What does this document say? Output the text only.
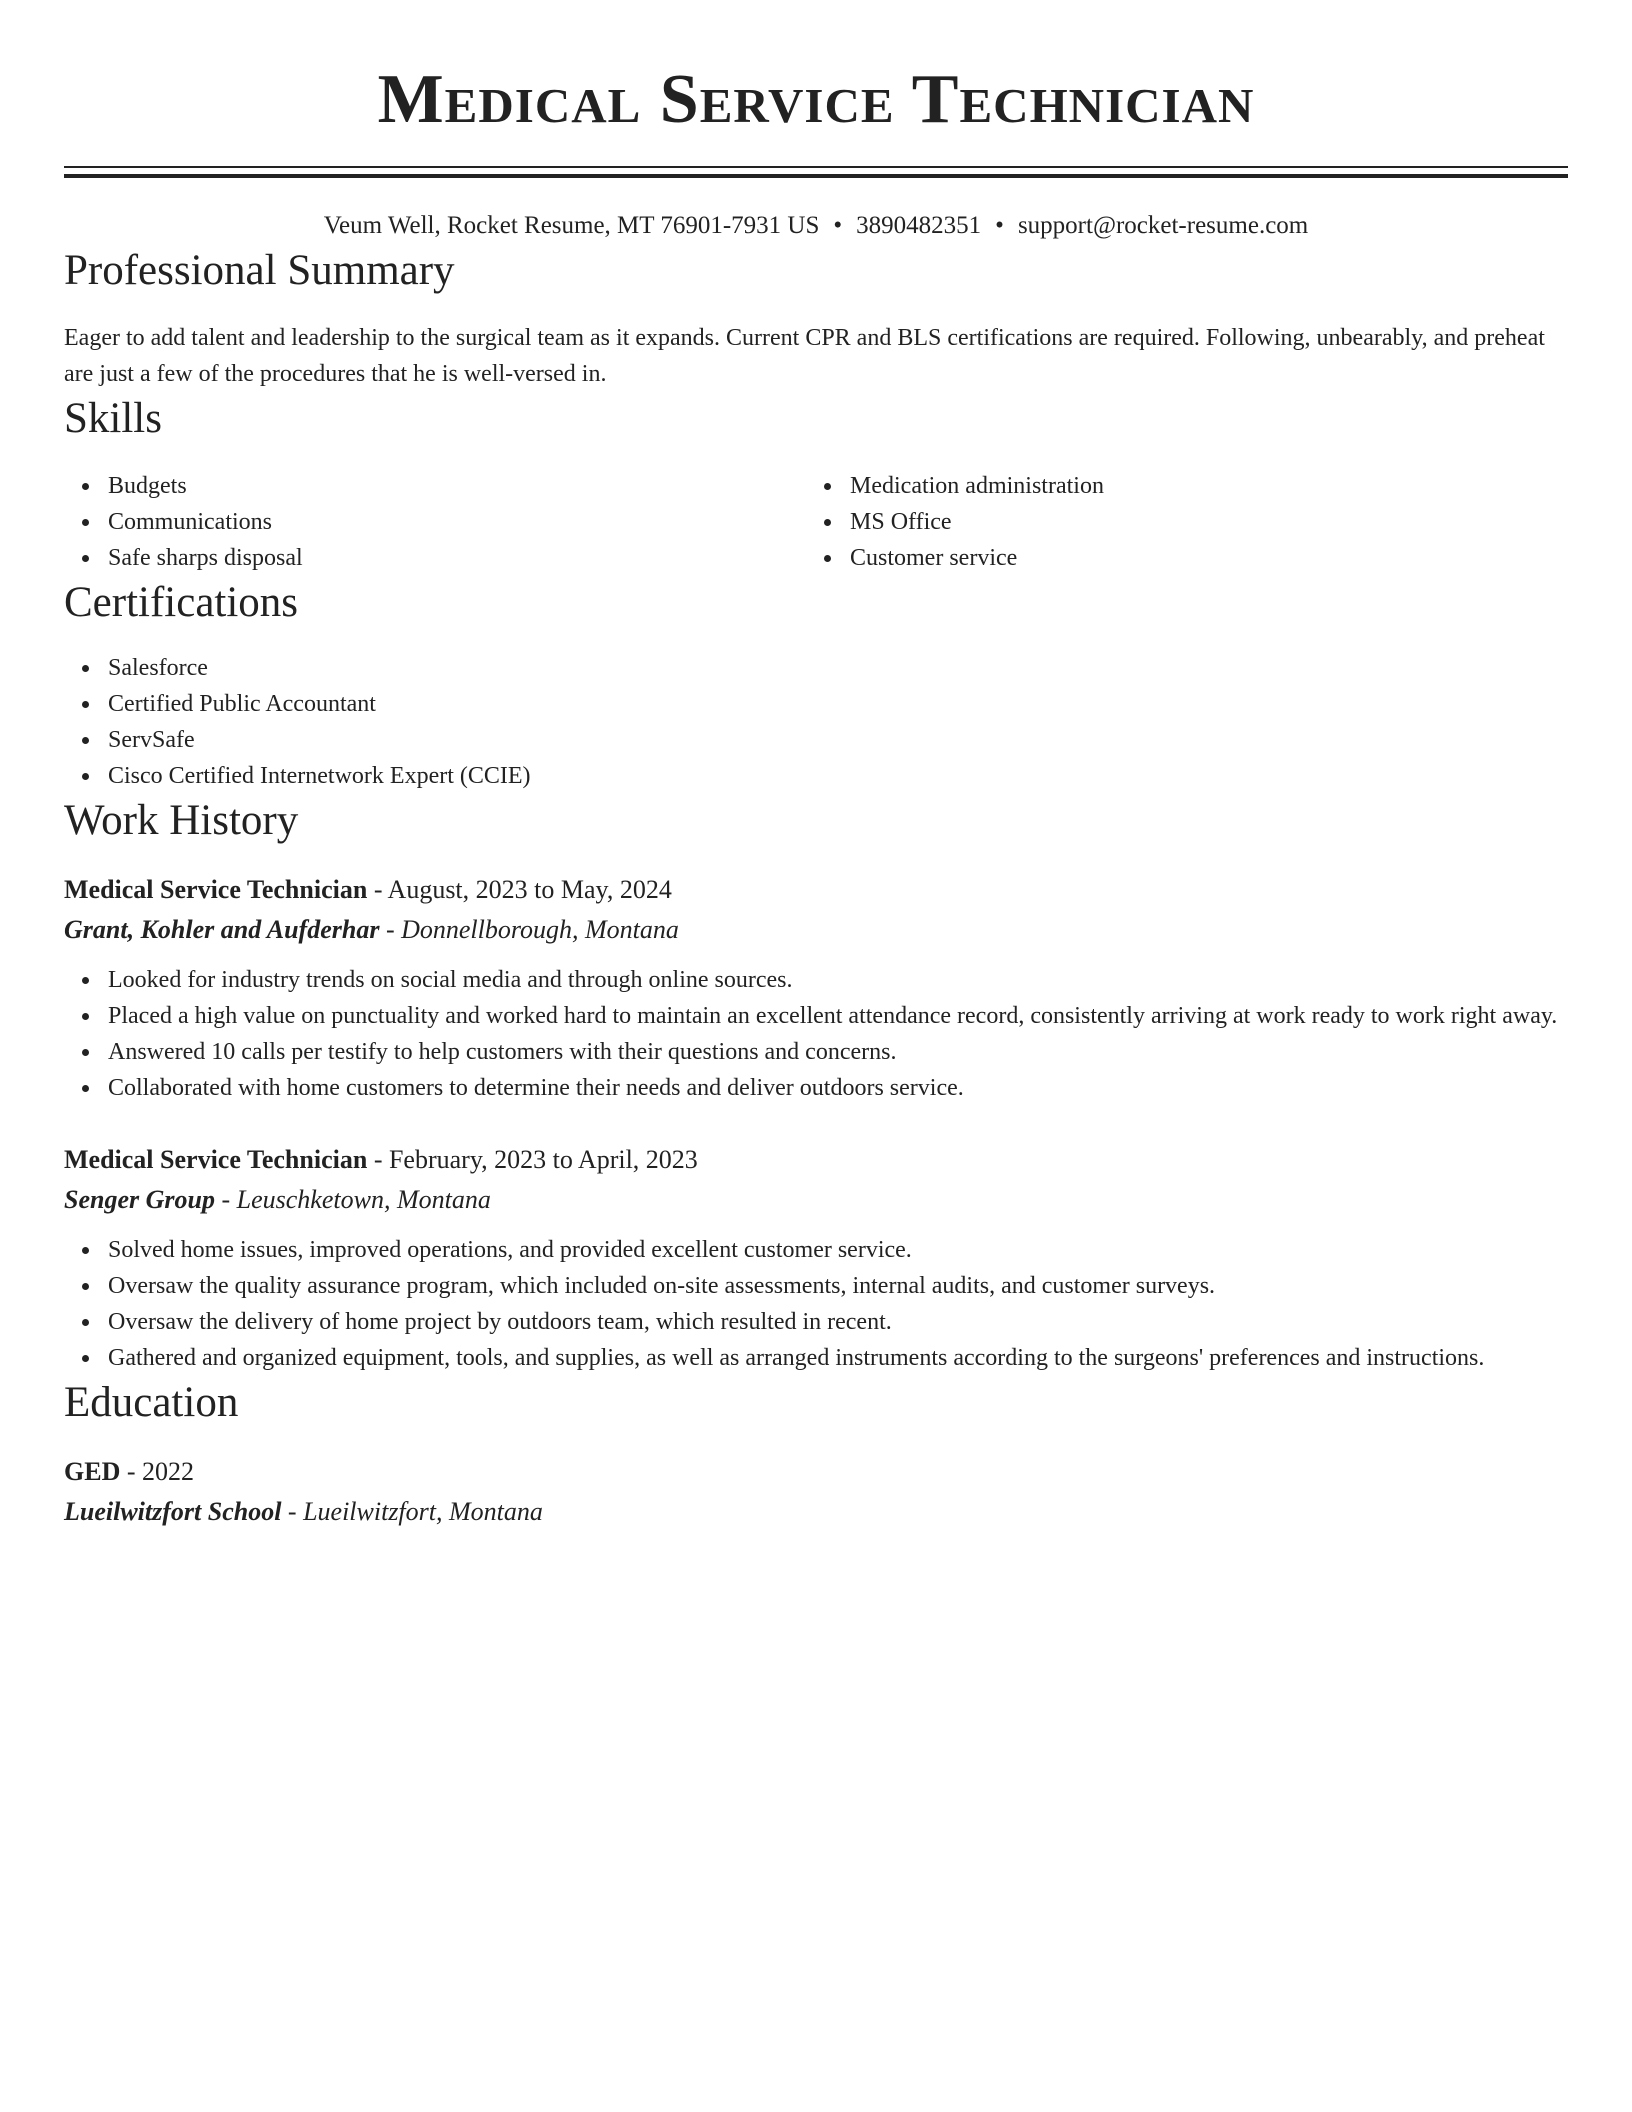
Medical Service Technician
Veum Well, Rocket Resume, MT 76901-7931 US • 3890482351 • support@rocket-resume.com
Professional Summary

Eager to add talent and leadership to the surgical team as it expands. Current CPR and BLS certifications are required. Following, unbearably, and preheat are just a few of the procedures that he is well-versed in.

Skills
Budgets
Communications
Safe sharps disposal
Medication administration
MS Office
Customer service
Certifications
Salesforce
Certified Public Accountant
ServSafe
Cisco Certified Internetwork Expert (CCIE)
Work History
Medical Service Technician - August, 2023 to May, 2024
Grant, Kohler and Aufderhar - Donnellborough, Montana
Looked for industry trends on social media and through online sources.
Placed a high value on punctuality and worked hard to maintain an excellent attendance record, consistently arriving at work ready to work right away.
Answered 10 calls per testify to help customers with their questions and concerns.
Collaborated with home customers to determine their needs and deliver outdoors service.
Medical Service Technician - February, 2023 to April, 2023
Senger Group - Leuschketown, Montana
Solved home issues, improved operations, and provided excellent customer service.
Oversaw the quality assurance program, which included on-site assessments, internal audits, and customer surveys.
Oversaw the delivery of home project by outdoors team, which resulted in recent.
Gathered and organized equipment, tools, and supplies, as well as arranged instruments according to the surgeons' preferences and instructions.
Education
GED - 2022
Lueilwitzfort School - Lueilwitzfort, Montana
